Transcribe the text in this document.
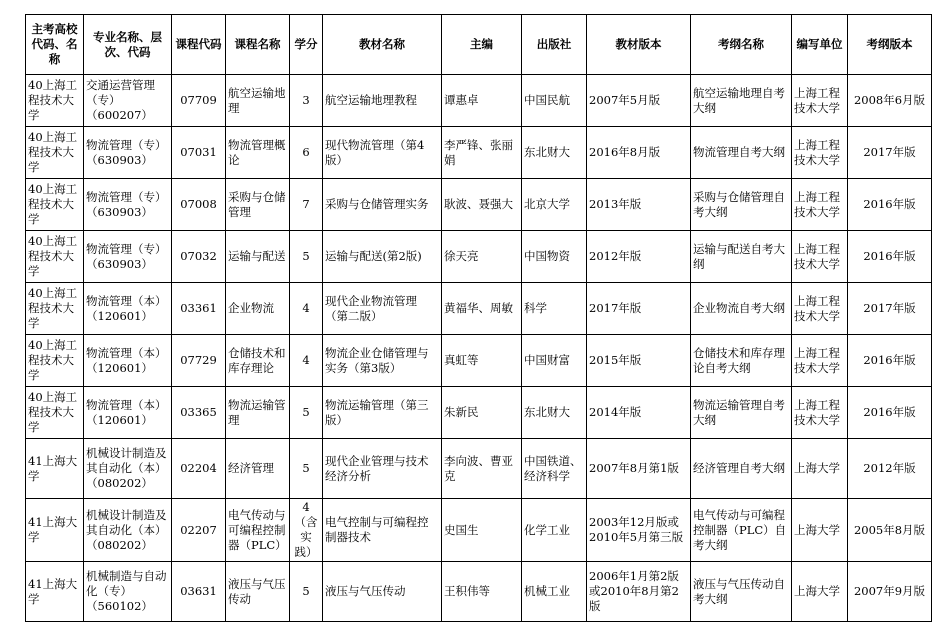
主考高校代码、名称	专业名称、层次、代码	课程代码	课程名称	学分	教材名称	主编	出版社	教材版本	考纲名称	编写单位	考纲版本
40上海工程技术大学	交通运营管理（专）（600207）	07709	航空运输地理	3	航空运输地理教程	谭惠卓	中国民航	2007年5月版	航空运输地理自考大纲	上海工程技术大学	2008年6月版
40上海工程技术大学	物流管理（专）（630903）	07031	物流管理概论	6	现代物流管理（第4版）	李严锋、张丽娟	东北财大	2016年8月版	物流管理自考大纲	上海工程技术大学	2017年版
40上海工程技术大学	物流管理（专）（630903）	07008	采购与仓储管理	7	采购与仓储管理实务	耿波、聂强大	北京大学	2013年版	采购与仓储管理自考大纲	上海工程技术大学	2016年版
40上海工程技术大学	物流管理（专）（630903）	07032	运输与配送	5	运输与配送(第2版)	徐天亮	中国物资	2012年版	运输与配送自考大纲	上海工程技术大学	2016年版
40上海工程技术大学	物流管理（本）（120601）	03361	企业物流	4	现代企业物流管理（第二版）	黄福华、周敏	科学	2017年版	企业物流自考大纲	上海工程技术大学	2017年版
40上海工程技术大学	物流管理（本）（120601）	07729	仓储技术和库存理论	4	物流企业仓储管理与实务（第3版）	真虹等	中国财富	2015年版	仓储技术和库存理论自考大纲	上海工程技术大学	2016年版
40上海工程技术大学	物流管理（本）（120601）	03365	物流运输管理	5	物流运输管理（第三版）	朱新民	东北财大	2014年版	物流运输管理自考大纲	上海工程技术大学	2016年版
41上海大学	机械设计制造及其自动化（本）（080202）	02204	经济管理	5	现代企业管理与技术经济分析	李向波、曹亚克	中国铁道、经济科学	2007年8月第1版	经济管理自考大纲	上海大学	2012年版
41上海大学	机械设计制造及其自动化（本）（080202）	02207	电气传动与可编程控制器（PLC）	4（含实践）	电气控制与可编程控制器技术	史国生	化学工业	2003年12月版或2010年5月第三版	电气传动与可编程控制器（PLC）自考大纲	上海大学	2005年8月版
41上海大学	机械制造与自动化（专）（560102）	03631	液压与气压传动	5	液压与气压传动	王积伟等	机械工业	2006年1月第2版或2010年8月第2版	液压与气压传动自考大纲	上海大学	2007年9月版
